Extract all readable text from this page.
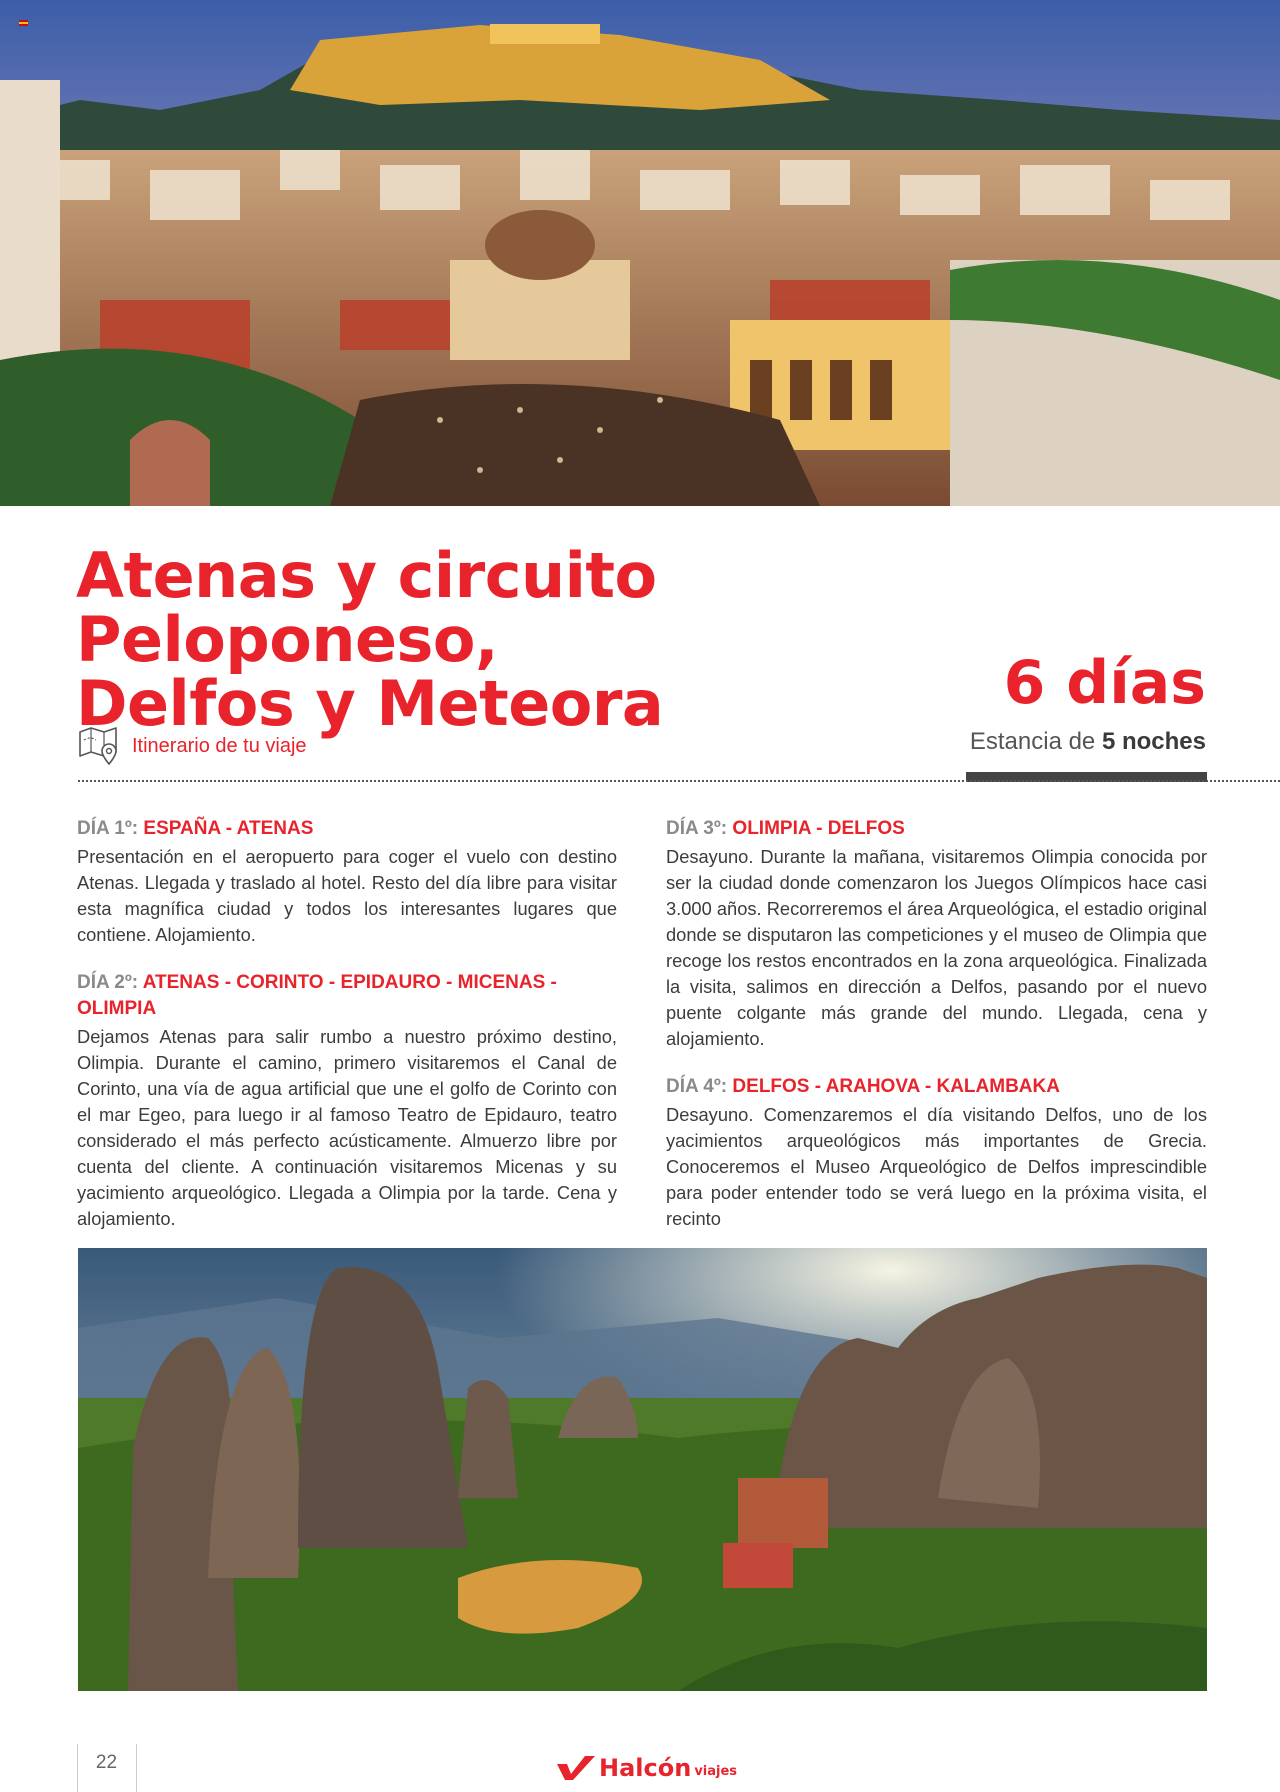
Atenas y circuito Peloponeso,
Delfos y Meteora	6 días
Estancia de 5 noches
Itinerario de tu viaje
DÍA 1º: ESPAÑA - ATENAS

Presentación en el aeropuerto para coger el vuelo con destino Atenas. Llegada y traslado al hotel. Resto del día libre para visitar esta magnífica ciudad y todos los interesantes lugares que contiene. Alojamiento.

DÍA 2º: ATENAS - CORINTO - EPIDAURO - MICENAS - OLIMPIA

Dejamos Atenas para salir rumbo a nuestro próximo destino, Olimpia. Durante el camino, primero visitaremos el Canal de Corinto, una vía de agua artificial que une el golfo de Corinto con el mar Egeo, para luego ir al famoso Teatro de Epidauro, teatro considerado el más perfecto acústicamente. Almuerzo libre por cuenta del cliente. A continuación visitaremos Micenas y su yacimiento arqueológico. Llegada a Olimpia por la tarde. Cena y alojamiento.

DÍA 3º: OLIMPIA - DELFOS

Desayuno. Durante la mañana, visitaremos Olimpia conocida por ser la ciudad donde comenzaron los Juegos Olímpicos hace casi 3.000 años. Recorreremos el área Arqueológica, el estadio original donde se disputaron las competiciones y el museo de Olimpia que recoge los restos encontrados en la zona arqueológica. Finalizada la visita, salimos en dirección a Delfos, pasando por el nuevo puente colgante más grande del mundo. Llegada, cena y alojamiento.

DÍA 4º: DELFOS - ARAHOVA - KALAMBAKA

Desayuno. Comenzaremos el día visitando Delfos, uno de los yacimientos arqueológicos más importantes de Grecia. Conoceremos el Museo Arqueológico de Delfos imprescindible para poder entender todo se verá luego en la próxima visita, el recinto

22	Halcón viajes
